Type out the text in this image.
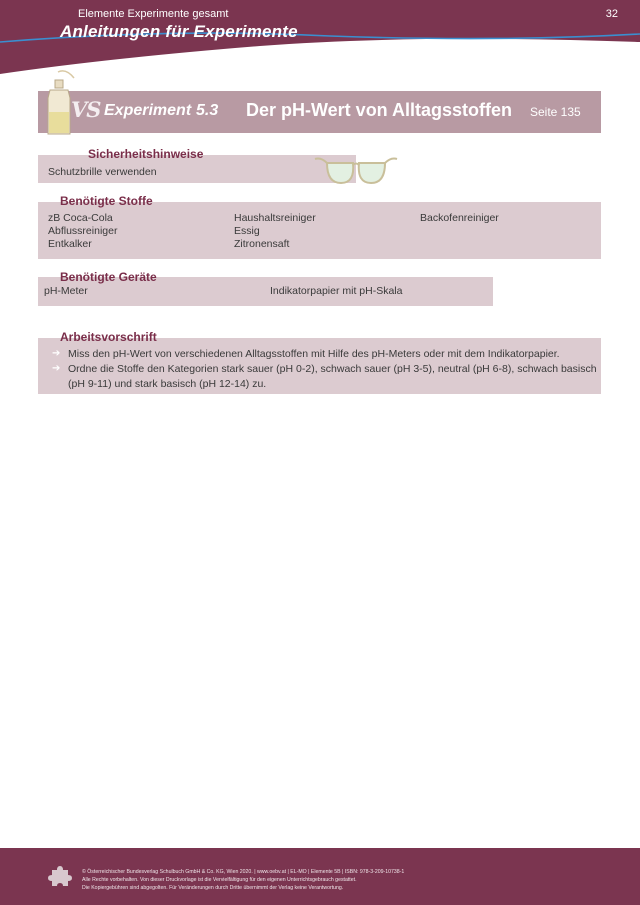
Elemente Experimente gesamt
Anleitungen für Experimente
32
VS Experiment 5.3 Der pH-Wert von Alltagsstoffen Seite 135
Sicherheitshinweise
Schutzbrille verwenden
Benötigte Stoffe
zB Coca-Cola
Abflussreiniger
Entkalker
Haushaltsreiniger
Essig
Zitronensaft
Backofenreiniger
Benötigte Geräte
pH-Meter	Indikatorpapier mit pH-Skala
Arbeitsvorschrift
➔ Miss den pH-Wert von verschiedenen Alltagsstoffen mit Hilfe des pH-Meters oder mit dem Indikatorpapier.
➔ Ordne die Stoffe den Kategorien stark sauer (pH 0-2), schwach sauer (pH 3-5), neutral (pH 6-8), schwach basisch
(pH 9-11) und stark basisch (pH 12-14) zu.
© Österreichischer Bundesverlag Schulbuch GmbH & Co. KG, Wien 2020. | www.oebv.at | EL-MO | Elemente 5B | ISBN: 978-3-209-10738-1
Alle Rechte vorbehalten. Von dieser Druckvorlage ist die Vervielfältigung für den eigenen Unterrichtsgebrauch gestattet.
Die Kopiergebühren sind abgegolten. Für Veränderungen durch Dritte übernimmt der Verlag keine Verantwortung.
